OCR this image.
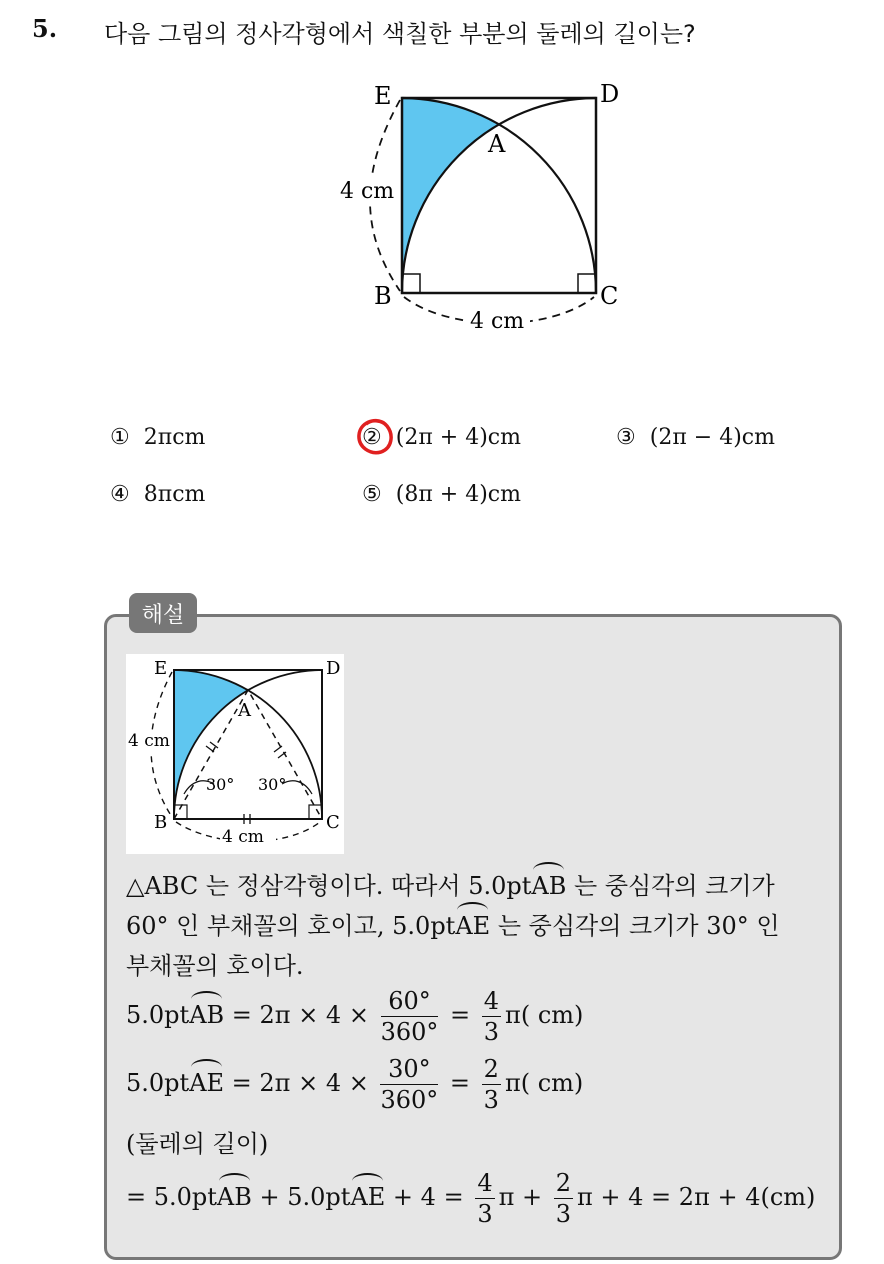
5. 다음 그림의 정사각형에서 색칠한 부분의 둘레의 길이는?
E	D
A
B	C
4 cm
4 cm
① 2πcm	② (2π + 4)cm	③ (2π − 4)cm
④ 8πcm	⑤ (8π + 4)cm
해설
E	D
A
B	C
4 cm
4 cm
30° 30°
△ABC 는 정삼각형이다. 따라서 5.0ptAB 는 중심각의 크기가
60° 인 부채꼴의 호이고, 5.0ptAE 는 중심각의 크기가 30° 인
부채꼴의 호이다.
5.0ptAB = $2\pi \times 4 \times \frac{60^\circ}{360^\circ} = \frac{4}{3} \pi$( cm)
5.0ptAE = $2\pi \times 4 \times \frac{30^\circ}{360^\circ} = \frac{2}{3} \pi$( cm)
(둘레의 길이)
= 5.0ptAB + 5.0ptAE + $4 = \frac{4}{3}$ $\pi + \frac{2}{3}$ π + 4 = 2π + 4(cm)
